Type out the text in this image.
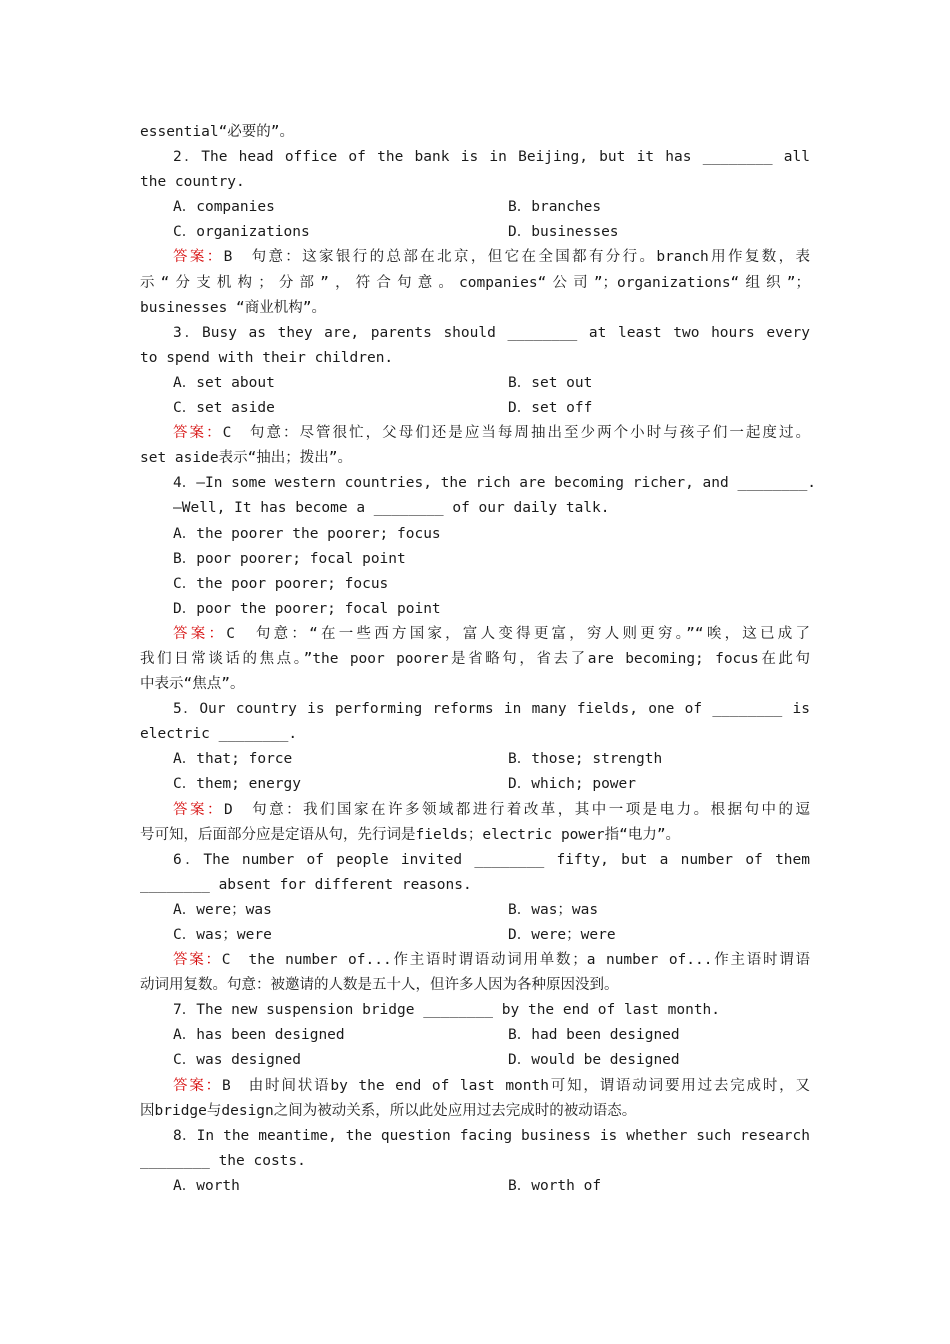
essential“必要的”。
2．The head office of the bank is in Beijing, but it has ________ all
the country.
A．companies	B．branches
C．organizations	D．businesses
答案：B　句意：这家银行的总部在北京，但它在全国都有分行。branch用作复数，表
示“分支机构；分部”，符合句意。companies“公司”；organizations“组织”；
businesses “商业机构”。
3．Busy as they are, parents should ________ at least two hours every
to spend with their children.
A．set about	B．set out
C．set aside	D．set off
答案：C　句意：尽管很忙，父母们还是应当每周抽出至少两个小时与孩子们一起度过。
set aside表示“抽出；拨出”。
4．—In some western countries, the rich are becoming richer, and ________.
—Well, It has become a ________ of our daily talk.
A．the poorer the poorer; focus
B．poor poorer; focal point
C．the poor poorer; focus
D．poor the poorer; focal point
答案：C　句意：“在一些西方国家，富人变得更富，穷人则更穷。”“唉，这已成了
我们日常谈话的焦点。”the poor poorer是省略句，省去了are becoming; focus在此句
中表示“焦点”。
5．Our country is performing reforms in many fields, one of ________ is
electric ________.
A．that; force	B．those; strength
C．them; energy	D．which; power
答案：D　句意：我们国家在许多领域都进行着改革，其中一项是电力。根据句中的逗
号可知，后面部分应是定语从句，先行词是fields；electric power指“电力”。
6．The number of people invited ________ fifty, but a number of them
________ absent for different reasons.
A．were；was	B．was；was
C．was；were	D．were；were
答案：C　the number of...作主语时谓语动词用单数；a number of...作主语时谓语
动词用复数。句意：被邀请的人数是五十人，但许多人因为各种原因没到。
7．The new suspension bridge ________ by the end of last month.
A．has been designed	B．had been designed
C．was designed	D．would be designed
答案：B　由时间状语by the end of last month可知，谓语动词要用过去完成时，又
因bridge与design之间为被动关系，所以此处应用过去完成时的被动语态。
8．In the meantime, the question facing business is whether such research
________ the costs.
A．worth	B．worth of
